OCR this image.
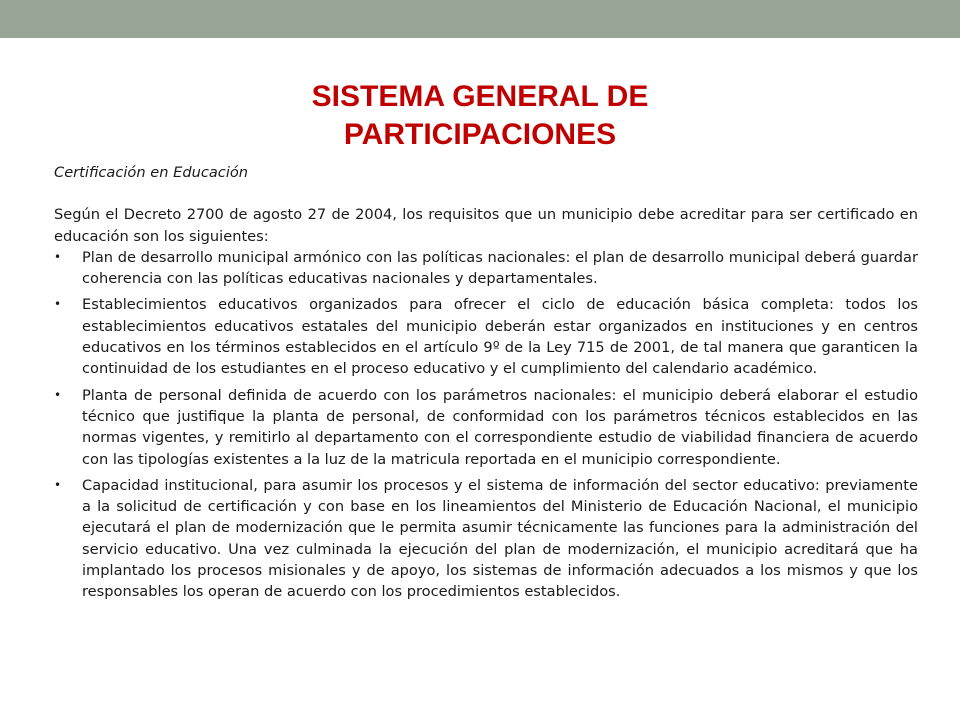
SISTEMA GENERAL DE
PARTICIPACIONES

Certificación en Educación

Según el Decreto 2700 de agosto 27 de 2004, los requisitos que un municipio debe acreditar para ser certificado en educación son los siguientes:

• Plan de desarrollo municipal armónico con las políticas nacionales: el plan de desarrollo municipal deberá guardar coherencia con las políticas educativas nacionales y departamentales.
• Establecimientos educativos organizados para ofrecer el ciclo de educación básica completa: todos los establecimientos educativos estatales del municipio deberán estar organizados en instituciones y en centros educativos en los términos establecidos en el artículo 9º de la Ley 715 de 2001, de tal manera que garanticen la continuidad de los estudiantes en el proceso educativo y el cumplimiento del calendario académico.
• Planta de personal definida de acuerdo con los parámetros nacionales: el municipio deberá elaborar el estudio técnico que justifique la planta de personal, de conformidad con los parámetros técnicos establecidos en las normas vigentes, y remitirlo al departamento con el correspondiente estudio de viabilidad financiera de acuerdo con las tipologías existentes a la luz de la matricula reportada en el municipio correspondiente.
• Capacidad institucional, para asumir los procesos y el sistema de información del sector educativo: previamente a la solicitud de certificación y con base en los lineamientos del Ministerio de Educación Nacional, el municipio ejecutará el plan de modernización que le permita asumir técnicamente las funciones para la administración del servicio educativo. Una vez culminada la ejecución del plan de modernización, el municipio acreditará que ha implantado los procesos misionales y de apoyo, los sistemas de información adecuados a los mismos y que los responsables los operan de acuerdo con los procedimientos establecidos.
